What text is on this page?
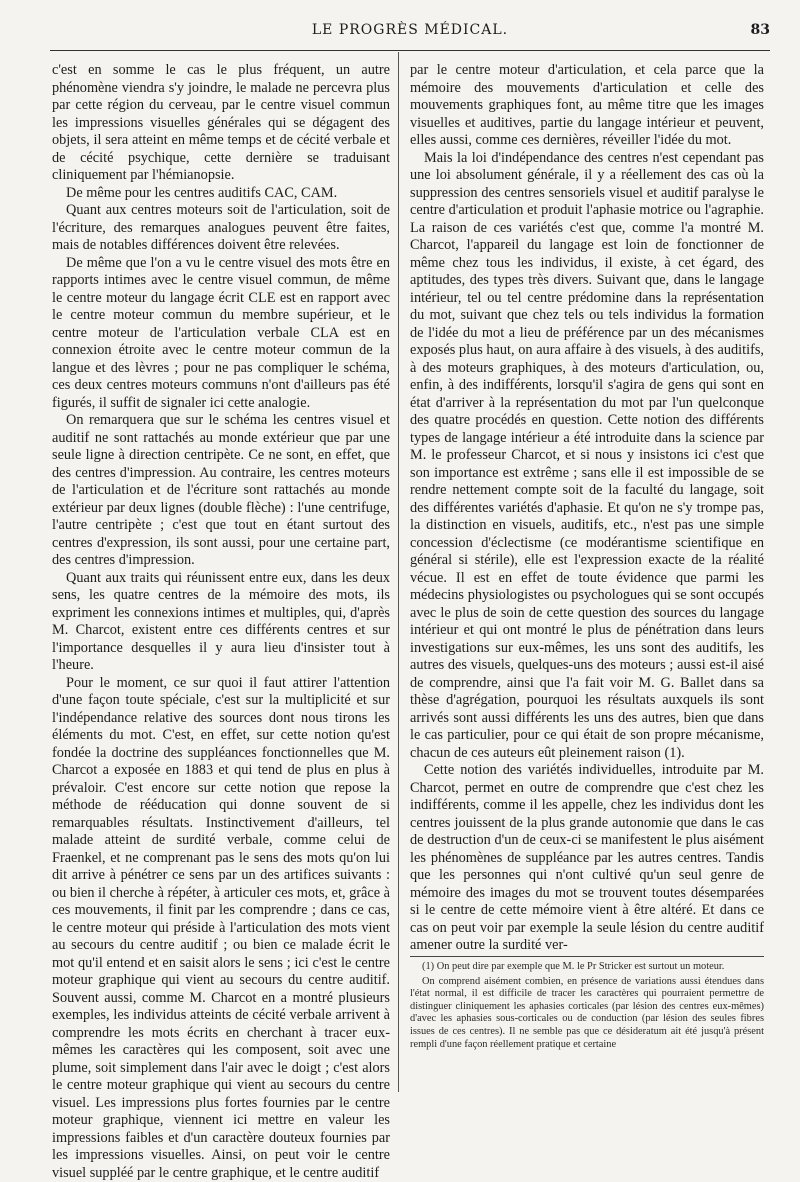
LE PROGRÈS MÉDICAL.	83

c'est en somme le cas le plus fréquent, un autre phénomène viendra s'y joindre, le malade ne percevra plus par cette région du cerveau, par le centre visuel commun les impressions visuelles générales qui se dégagent des objets, il sera atteint en même temps et de cécité verbale et de cécité psychique, cette dernière se traduisant cliniquement par l'hémianopsie.

De même pour les centres auditifs CAC, CAM.

Quant aux centres moteurs soit de l'articulation, soit de l'écriture, des remarques analogues peuvent être faites, mais de notables différences doivent être relevées.

De même que l'on a vu le centre visuel des mots être en rapports intimes avec le centre visuel commun, de même le centre moteur du langage écrit CLE est en rapport avec le centre moteur commun du membre supérieur, et le centre moteur de l'articulation verbale CLA est en connexion étroite avec le centre moteur commun de la langue et des lèvres ; pour ne pas compliquer le schéma, ces deux centres moteurs communs n'ont d'ailleurs pas été figurés, il suffit de signaler ici cette analogie.

On remarquera que sur le schéma les centres visuel et auditif ne sont rattachés au monde extérieur que par une seule ligne à direction centripète. Ce ne sont, en effet, que des centres d'impression. Au contraire, les centres moteurs de l'articulation et de l'écriture sont rattachés au monde extérieur par deux lignes (double flèche) : l'une centrifuge, l'autre centripète ; c'est que tout en étant surtout des centres d'expression, ils sont aussi, pour une certaine part, des centres d'impression.

Quant aux traits qui réunissent entre eux, dans les deux sens, les quatre centres de la mémoire des mots, ils expriment les connexions intimes et multiples, qui, d'après M. Charcot, existent entre ces différents centres et sur l'importance desquelles il y aura lieu d'insister tout à l'heure.

Pour le moment, ce sur quoi il faut attirer l'attention d'une façon toute spéciale, c'est sur la multiplicité et sur l'indépendance relative des sources dont nous tirons les éléments du mot. C'est, en effet, sur cette notion qu'est fondée la doctrine des suppléances fonctionnelles que M. Charcot a exposée en 1883 et qui tend de plus en plus à prévaloir. C'est encore sur cette notion que repose la méthode de rééducation qui donne souvent de si remarquables résultats. Instinctivement d'ailleurs, tel malade atteint de surdité verbale, comme celui de Fraenkel, et ne comprenant pas le sens des mots qu'on lui dit arrive à pénétrer ce sens par un des artifices suivants : ou bien il cherche à répéter, à articuler ces mots, et, grâce à ces mouvements, il finit par les comprendre ; dans ce cas, le centre moteur qui préside à l'articulation des mots vient au secours du centre auditif ; ou bien ce malade écrit le mot qu'il entend et en saisit alors le sens ; ici c'est le centre moteur graphique qui vient au secours du centre auditif. Souvent aussi, comme M. Charcot en a montré plusieurs exemples, les individus atteints de cécité verbale arrivent à comprendre les mots écrits en cherchant à tracer eux-mêmes les caractères qui les composent, soit avec une plume, soit simplement dans l'air avec le doigt ; c'est alors le centre moteur graphique qui vient au secours du centre visuel. Les impressions plus fortes fournies par le centre moteur graphique, viennent ici mettre en valeur les impressions faibles et d'un caractère douteux fournies par les impressions visuelles. Ainsi, on peut voir le centre visuel suppléé par le centre graphique, et le centre auditif

par le centre moteur d'articulation, et cela parce que la mémoire des mouvements d'articulation et celle des mouvements graphiques font, au même titre que les images visuelles et auditives, partie du langage intérieur et peuvent, elles aussi, comme ces dernières, réveiller l'idée du mot.

Mais la loi d'indépendance des centres n'est cependant pas une loi absolument générale, il y a réellement des cas où la suppression des centres sensoriels visuel et auditif paralyse le centre d'articulation et produit l'aphasie motrice ou l'agraphie. La raison de ces variétés c'est que, comme l'a montré M. Charcot, l'appareil du langage est loin de fonctionner de même chez tous les individus, il existe, à cet égard, des aptitudes, des types très divers. Suivant que, dans le langage intérieur, tel ou tel centre prédomine dans la représentation du mot, suivant que chez tels ou tels individus la formation de l'idée du mot a lieu de préférence par un des mécanismes exposés plus haut, on aura affaire à des visuels, à des auditifs, à des moteurs graphiques, à des moteurs d'articulation, ou, enfin, à des indifférents, lorsqu'il s'agira de gens qui sont en état d'arriver à la représentation du mot par l'un quelconque des quatre procédés en question. Cette notion des différents types de langage intérieur a été introduite dans la science par M. le professeur Charcot, et si nous y insistons ici c'est que son importance est extrême ; sans elle il est impossible de se rendre nettement compte soit de la faculté du langage, soit des différentes variétés d'aphasie. Et qu'on ne s'y trompe pas, la distinction en visuels, auditifs, etc., n'est pas une simple concession d'éclectisme (ce modérantisme scientifique en général si stérile), elle est l'expression exacte de la réalité vécue. Il est en effet de toute évidence que parmi les médecins physiologistes ou psychologues qui se sont occupés avec le plus de soin de cette question des sources du langage intérieur et qui ont montré le plus de pénétration dans leurs investigations sur eux-mêmes, les uns sont des auditifs, les autres des visuels, quelques-uns des moteurs ; aussi est-il aisé de comprendre, ainsi que l'a fait voir M. G. Ballet dans sa thèse d'agrégation, pourquoi les résultats auxquels ils sont arrivés sont aussi différents les uns des autres, bien que dans le cas particulier, pour ce qui était de son propre mécanisme, chacun de ces auteurs eût pleinement raison (1).

Cette notion des variétés individuelles, introduite par M. Charcot, permet en outre de comprendre que c'est chez les indifférents, comme il les appelle, chez les individus dont les centres jouissent de la plus grande autonomie que dans le cas de destruction d'un de ceux-ci se manifestent le plus aisément les phénomènes de suppléance par les autres centres. Tandis que les personnes qui n'ont cultivé qu'un seul genre de mémoire des images du mot se trouvent toutes désemparées si le centre de cette mémoire vient à être altéré. Et dans ce cas on peut voir par exemple la seule lésion du centre auditif amener outre la surdité ver-

(1) On peut dire par exemple que M. le Pr Stricker est surtout un moteur.

On comprend aisément combien, en présence de variations aussi étendues dans l'état normal, il est difficile de tracer les caractères qui pourraient permettre de distinguer cliniquement les aphasies corticales (par lésion des centres eux-mêmes) d'avec les aphasies sous-corticales ou de conduction (par lésion des seules fibres issues de ces centres). Il ne semble pas que ce désideratum ait été jusqu'à présent rempli d'une façon réellement pratique et certaine
